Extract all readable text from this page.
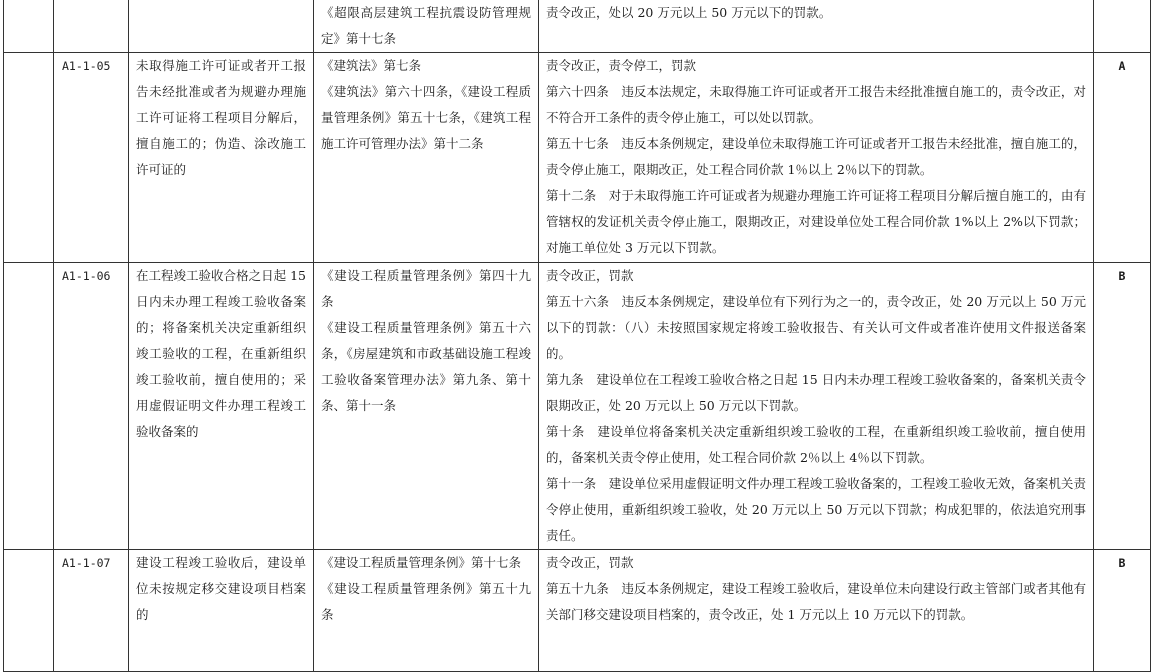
			《超限高层建筑工程抗震设防管理规定》第十七条	责令改正，处以 20 万元以上 50 万元以下的罚款。	

	A1-1-05	未取得施工许可证或者开工报告未经批准或者为规避办理施工许可证将工程项目分解后，擅自施工的；伪造、涂改施工许可证的	《建筑法》第七条
《建筑法》第六十四条，《建设工程质量管理条例》第五十七条，《建筑工程施工许可管理办法》第十二条	责令改正，责令停工，罚款
第六十四条　违反本法规定，未取得施工许可证或者开工报告未经批准擅自施工的，责令改正，对不符合开工条件的责令停止施工，可以处以罚款。
第五十七条　违反本条例规定，建设单位未取得施工许可证或者开工报告未经批准，擅自施工的，责令停止施工，限期改正，处工程合同价款 1％以上 2％以下的罚款。
第十二条　对于未取得施工许可证或者为规避办理施工许可证将工程项目分解后擅自施工的，由有管辖权的发证机关责令停止施工，限期改正，对建设单位处工程合同价款 1%以上 2%以下罚款；对施工单位处 3 万元以下罚款。	A
	A1-1-06	在工程竣工验收合格之日起 15 日内未办理工程竣工验收备案的；将备案机关决定重新组织竣工验收的工程，在重新组织竣工验收前，擅自使用的；采用虚假证明文件办理工程竣工验收备案的	《建设工程质量管理条例》第四十九条
《建设工程质量管理条例》第五十六条，《房屋建筑和市政基础设施工程竣工验收备案管理办法》第九条、第十条、第十一条	责令改正，罚款
第五十六条　违反本条例规定，建设单位有下列行为之一的，责令改正，处 20 万元以上 50 万元以下的罚款：（八）未按照国家规定将竣工验收报告、有关认可文件或者准许使用文件报送备案的。
第九条　建设单位在工程竣工验收合格之日起 15 日内未办理工程竣工验收备案的，备案机关责令限期改正，处 20 万元以上 50 万元以下罚款。
第十条　建设单位将备案机关决定重新组织竣工验收的工程，在重新组织竣工验收前，擅自使用的，备案机关责令停止使用，处工程合同价款 2％以上 4％以下罚款。
第十一条　建设单位采用虚假证明文件办理工程竣工验收备案的，工程竣工验收无效，备案机关责令停止使用，重新组织竣工验收，处 20 万元以上 50 万元以下罚款；构成犯罪的，依法追究刑事责任。	B
	A1-1-07	建设工程竣工验收后，建设单位未按规定移交建设项目档案的	《建设工程质量管理条例》第十七条
《建设工程质量管理条例》第五十九条	责令改正，罚款
第五十九条　违反本条例规定，建设工程竣工验收后，建设单位未向建设行政主管部门或者其他有关部门移交建设项目档案的，责令改正，处 1 万元以上 10 万元以下的罚款。	B
